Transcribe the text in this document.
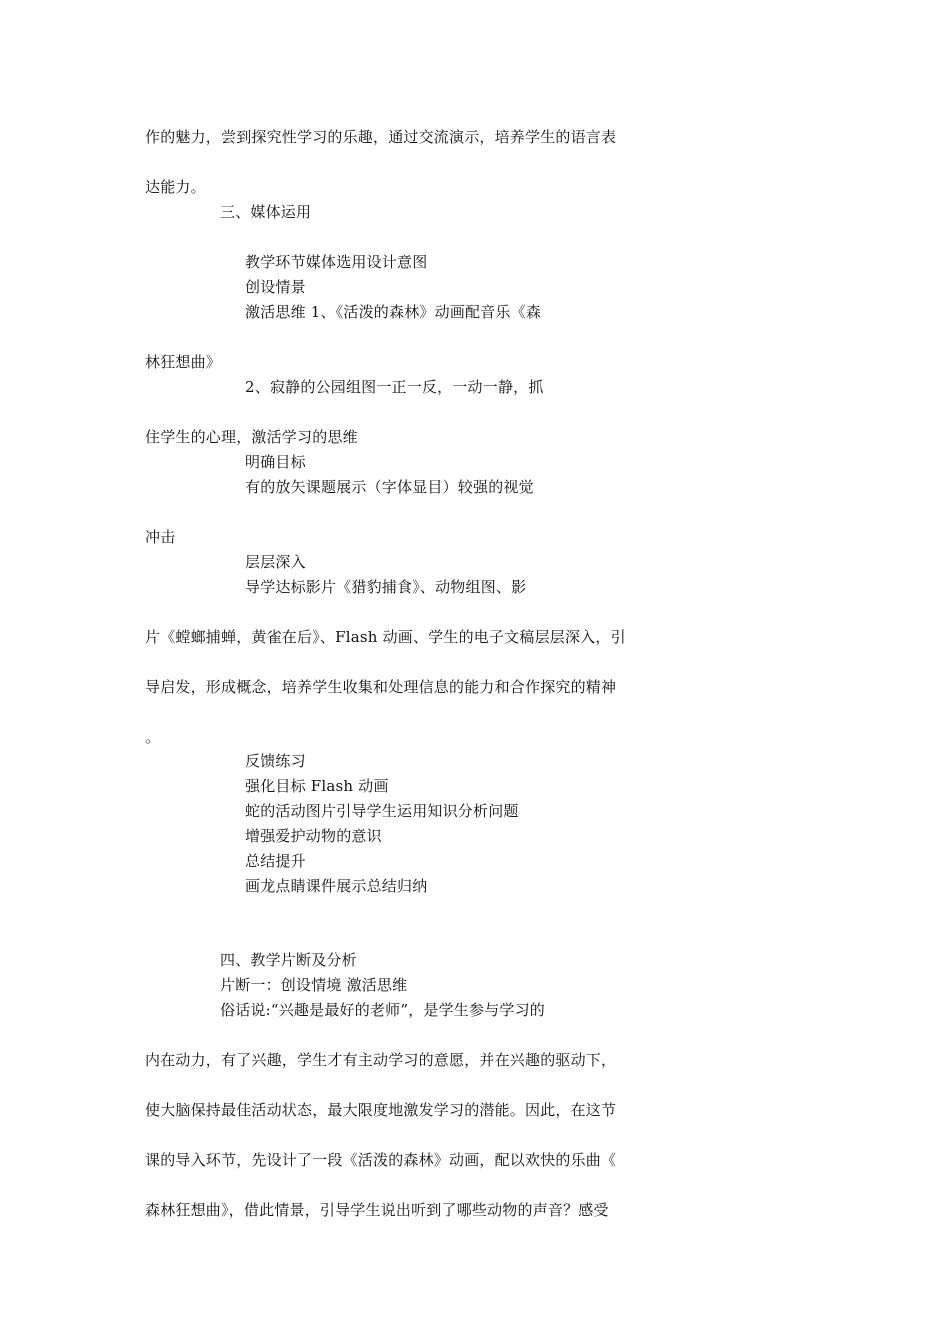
作的魅力，尝到探究性学习的乐趣，通过交流演示，培养学生的语言表
达能力。
三、媒体运用
教学环节媒体选用设计意图
创设情景
激活思维 1、《活泼的森林》动画配音乐《森
林狂想曲》
2、寂静的公园组图一正一反，一动一静，抓
住学生的心理，激活学习的思维
明确目标
有的放矢课题展示（字体显目）较强的视觉
冲击
层层深入
导学达标影片《猎豹捕食》、动物组图、影
片《螳螂捕蝉，黄雀在后》、Flash 动画、学生的电子文稿层层深入，引
导启发，形成概念，培养学生收集和处理信息的能力和合作探究的精神
。
反馈练习
强化目标 Flash 动画
蛇的活动图片引导学生运用知识分析问题
增强爱护动物的意识
总结提升
画龙点睛课件展示总结归纳
四、教学片断及分析
片断一：创设情境 激活思维
俗话说:“兴趣是最好的老师”，是学生参与学习的
内在动力，有了兴趣，学生才有主动学习的意愿，并在兴趣的驱动下，
使大脑保持最佳活动状态，最大限度地激发学习的潜能。因此，在这节
课的导入环节，先设计了一段《活泼的森林》动画，配以欢快的乐曲《
森林狂想曲》，借此情景，引导学生说出听到了哪些动物的声音？感受
